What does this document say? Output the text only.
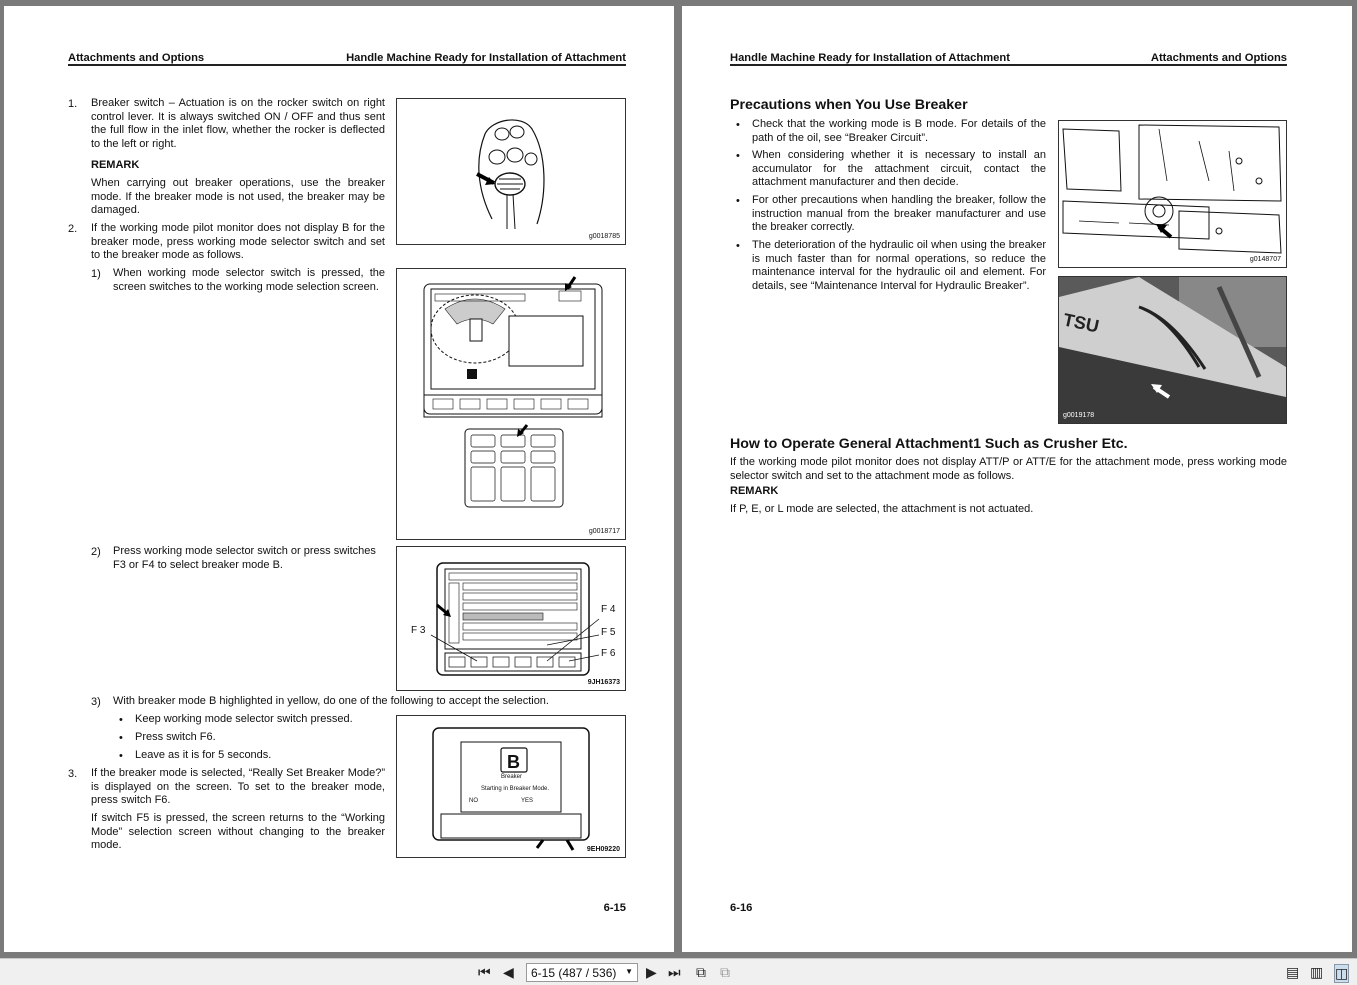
Attachments and Options	Handle Machine Ready for Installation of Attachment
1. Breaker switch – Actuation is on the rocker switch on right control lever. It is always switched ON / OFF and thus sent the full flow in the inlet flow, whether the rocker is deflected to the left or right.
REMARK
When carrying out breaker operations, use the breaker mode. If the breaker mode is not used, the breaker may be damaged.
2. If the working mode pilot monitor does not display B for the breaker mode, press working mode selector switch and set to the breaker mode as follows.
1) When working mode selector switch is pressed, the screen switches to the working mode selection screen.
2) Press working mode selector switch or press switches F3 or F4 to select breaker mode B.
3) With breaker mode B highlighted in yellow, do one of the following to accept the selection.
• Keep working mode selector switch pressed.
• Press switch F6.
• Leave as it is for 5 seconds.
3. If the breaker mode is selected, “Really Set Breaker Mode?” is displayed on the screen. To set to the breaker mode, press switch F6.
If switch F5 is pressed, the screen returns to the “Working Mode” selection screen without changing to the breaker mode.
g0018785
g0018717
F 3
F 4
F 5
F 6
9JH16373
B
Breaker
Starting in Breaker Mode.
NO	YES
9EH09220
6-15
Handle Machine Ready for Installation of Attachment	Attachments and Options
Precautions when You Use Breaker
• Check that the working mode is B mode. For details of the path of the oil, see “Breaker Circuit”.
• When considering whether it is necessary to install an accumulator for the attachment circuit, contact the attachment manufacturer and then decide.
• For other precautions when handling the breaker, follow the instruction manual from the breaker manufacturer and use the breaker correctly.
• The deterioration of the hydraulic oil when using the breaker is much faster than for normal operations, so reduce the maintenance interval for the hydraulic oil and element. For details, see “Maintenance Interval for Hydraulic Breaker”.
g0148707
TSU
g0019178
How to Operate General Attachment1 Such as Crusher Etc.
If the working mode pilot monitor does not display ATT/P or ATT/E for the attachment mode, press working mode selector switch and set to the attachment mode as follows.
REMARK
If P, E, or L mode are selected, the attachment is not actuated.
6-16
⏮ ◀	6-15 (487 / 536) ▼ ▶ ⏭ ⧉ ⧉	▤ ▥ ◫
